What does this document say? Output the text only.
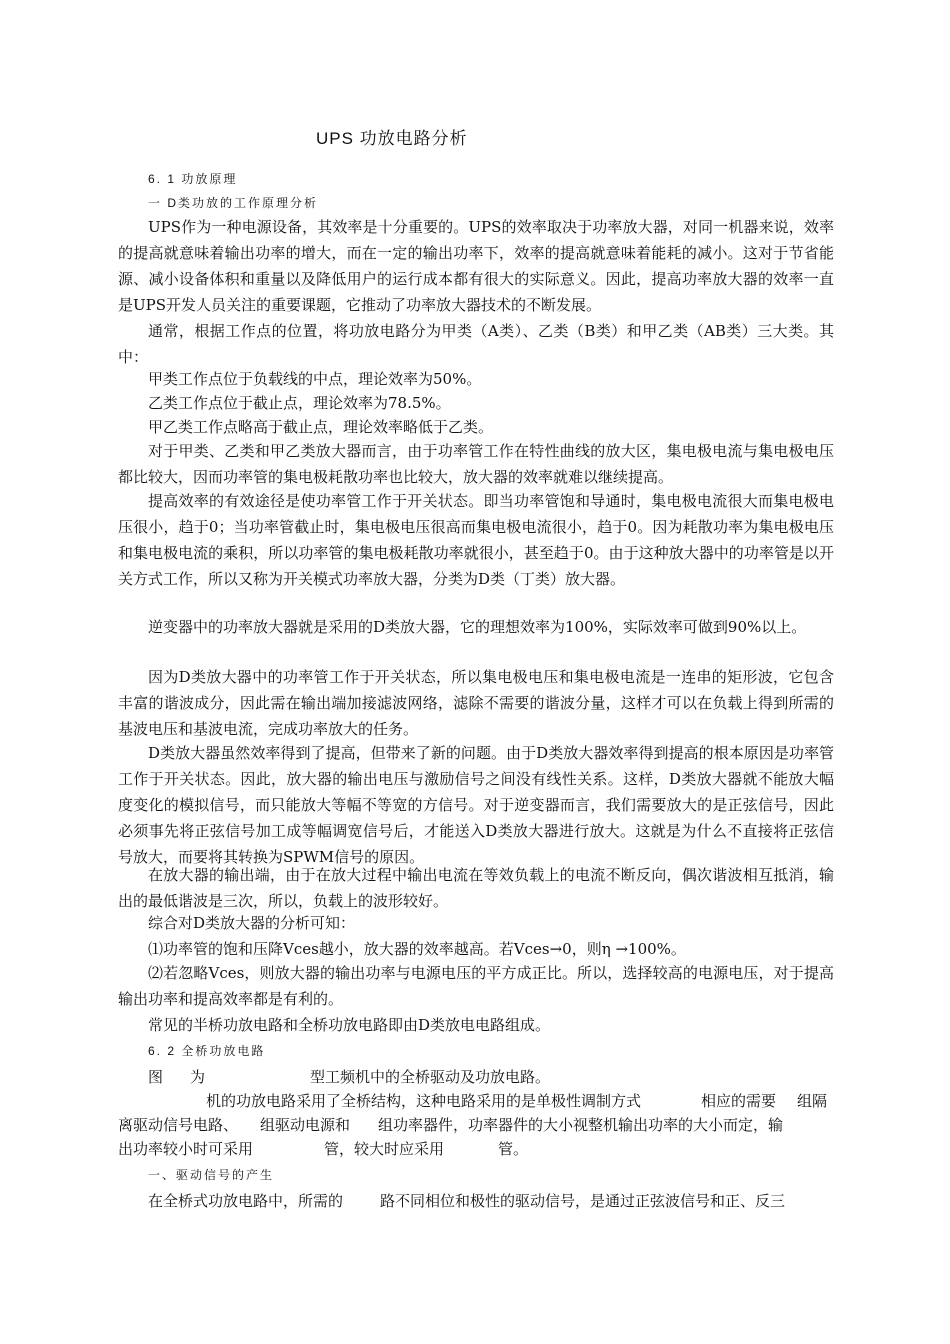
UPS 功放电路分析
6. 1 功放原理
一 D类功放的工作原理分析

UPS作为一种电源设备，其效率是十分重要的。UPS的效率取决于功率放大器，对同一机器来说，效率的提高就意味着输出功率的增大，而在一定的输出功率下，效率的提高就意味着能耗的减小。这对于节省能源、减小设备体积和重量以及降低用户的运行成本都有很大的实际意义。因此，提高功率放大器的效率一直是UPS开发人员关注的重要课题，它推动了功率放大器技术的不断发展。

通常，根据工作点的位置，将功放电路分为甲类（A类）、乙类（B类）和甲乙类（AB类）三大类。其中：

甲类工作点位于负载线的中点，理论效率为50%。
乙类工作点位于截止点，理论效率为78.5%。
甲乙类工作点略高于截止点，理论效率略低于乙类。

对于甲类、乙类和甲乙类放大器而言，由于功率管工作在特性曲线的放大区，集电极电流与集电极电压都比较大，因而功率管的集电极耗散功率也比较大，放大器的效率就难以继续提高。

提高效率的有效途径是使功率管工作于开关状态。即当功率管饱和导通时，集电极电流很大而集电极电压很小，趋于0；当功率管截止时，集电极电压很高而集电极电流很小，趋于0。因为耗散功率为集电极电压和集电极电流的乘积，所以功率管的集电极耗散功率就很小，甚至趋于0。由于这种放大器中的功率管是以开关方式工作，所以又称为开关模式功率放大器，分类为D类（丁类）放大器。

逆变器中的功率放大器就是采用的D类放大器，它的理想效率为100%，实际效率可做到90%以上。

因为D类放大器中的功率管工作于开关状态，所以集电极电压和集电极电流是一连串的矩形波，它包含丰富的谐波成分，因此需在输出端加接滤波网络，滤除不需要的谐波分量，这样才可以在负载上得到所需的基波电压和基波电流，完成功率放大的任务。

D类放大器虽然效率得到了提高，但带来了新的问题。由于D类放大器效率得到提高的根本原因是功率管工作于开关状态。因此，放大器的输出电压与激励信号之间没有线性关系。这样，D类放大器就不能放大幅度变化的模拟信号，而只能放大等幅不等宽的方信号。对于逆变器而言，我们需要放大的是正弦信号，因此必须事先将正弦信号加工成等幅调宽信号后，才能送入D类放大器进行放大。这就是为什么不直接将正弦信号放大，而要将其转换为SPWM信号的原因。

在放大器的输出端，由于在放大过程中输出电流在等效负载上的电流不断反向，偶次谐波相互抵消，输出的最低谐波是三次，所以，负载上的波形较好。

综合对D类放大器的分析可知：
⑴功率管的饱和压降Vces越小，放大器的效率越高。若Vces→0，则η →100%。

⑵若忽略Vces，则放大器的输出功率与电源电压的平方成正比。所以，选择较高的电源电压，对于提高输出功率和提高效率都是有利的。

常见的半桥功放电路和全桥功放电路即由D类放电电路组成。
6. 2 全桥功放电路
图 为	型工频机中的全桥驱动及功放电路。
机的功放电路采用了全桥结构，这种电路采用的是单极性调制方式	相应的需要 组隔
离驱动信号电路、 组驱动电源和 组功率器件，功率器件的大小视整机输出功率的大小而定，输
出功率较小时可采用	管，较大时应采用	管。
一、驱动信号的产生
在全桥式功放电路中，所需的 路不同相位和极性的驱动信号，是通过正弦波信号和正、反三
